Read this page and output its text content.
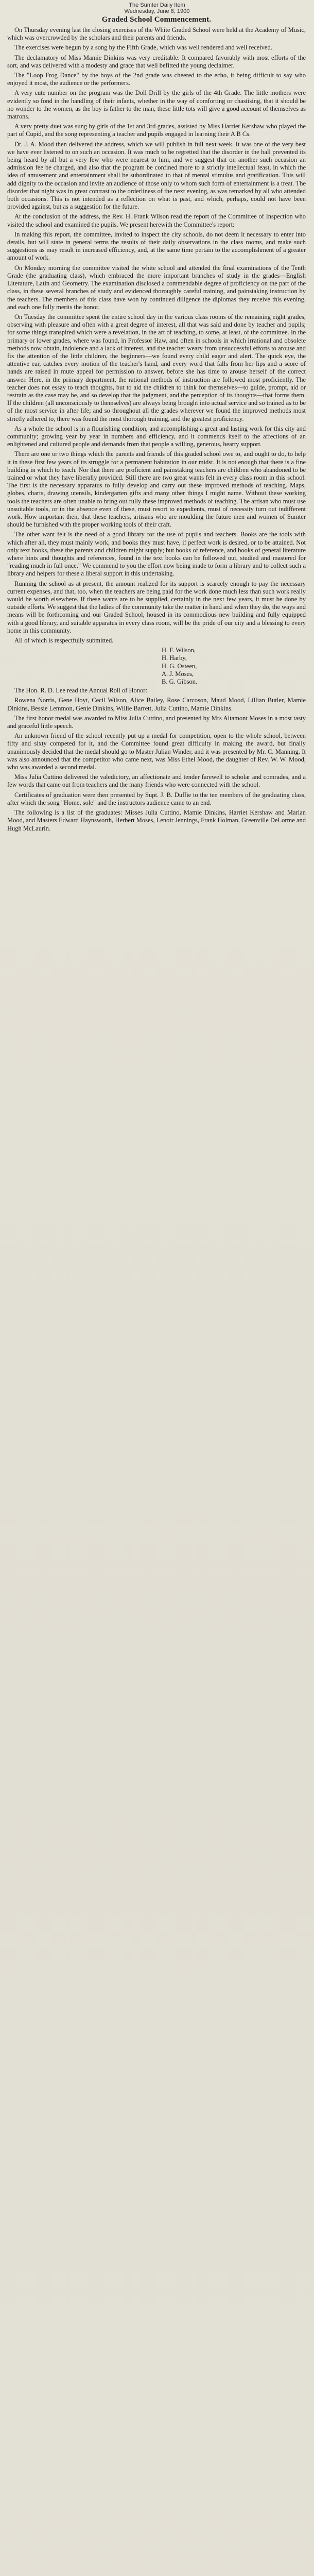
The Sumter Daily Item
Wednesday, June 8, 1900
Graded School Commencement.

On Thursday evening last the closing exercises of the White Graded School were held at the Academy of Music, which was overcrowded by the scholars and their parents and friends.

The exercises were begun by a song by the Fifth Grade, which was well rendered and well received.

The declamatory of Miss Mamie Dinkins was very creditable. It compared favorably with most efforts of the sort, and was delivered with a modesty and grace that well befitted the young declaimer.

The "Loop Frog Dance" by the boys of the 2nd grade was cheered to the echo, it being difficult to say who enjoyed it most, the audience or the performers.

A very cute number on the program was the Doll Drill by the girls of the 4th Grade. The little mothers were evidently so fond in the handling of their infants, whether in the way of comforting or chastising, that it should be no wonder to the women, as the boy is father to the man, these little tots will give a good account of themselves as matrons.

A very pretty duet was sung by girls of the 1st and 3rd grades, assisted by Miss Harriet Kershaw who played the part of Cupid, and the song representing a teacher and pupils engaged in learning their A B Cs.

Dr. J. A. Mood then delivered the address, which we will publish in full next week. It was one of the very best we have ever listened to on such an occasion. It was much to be regretted that the disorder in the hall prevented its being heard by all but a very few who were nearest to him, and we suggest that on another such occasion an admission fee be charged, and also that the program be confined more to a strictly intellectual feast, in which the idea of amusement and entertainment shall be subordinated to that of mental stimulus and gratification. This will add dignity to the occasion and invite an audience of those only to whom such form of entertainment is a treat. The disorder that night was in great contrast to the orderliness of the next evening, as was remarked by all who attended both occasions. This is not intended as a reflection on what is past, and which, perhaps, could not have been provided against, but as a suggestion for the future.

At the conclusion of the address, the Rev. H. Frank Wilson read the report of the Committee of Inspection who visited the school and examined the pupils. We present herewith the Committee's report:

In making this report, the committee, invited to inspect the city schools, do not deem it necessary to enter into details, but will state in general terms the results of their daily observations in the class rooms, and make such suggestions as may result in increased efficiency, and, at the same time pertain to the accomplishment of a greater amount of work.

On Monday morning the committee visited the white school and attended the final examinations of the Tenth Grade (the graduating class), which embraced the more important branches of study in the grades—English Literature, Latin and Geometry. The examination disclosed a commendable degree of proficiency on the part of the class, in these several branches of study and evidenced thoroughly careful training, and painstaking instruction by the teachers. The members of this class have won by continued diligence the diplomas they receive this evening, and each one fully merits the honor.

On Tuesday the committee spent the entire school day in the various class rooms of the remaining eight grades, observing with pleasure and often with a great degree of interest, all that was said and done by teacher and pupils; for some things transpired which were a revelation, in the art of teaching, to some, at least, of the committee. In the primary or lower grades, where was found, in Professor Haw, and often in schools in which irrational and obsolete methods now obtain, indolence and a lack of interest, and the teacher weary from unsuccessful efforts to arouse and fix the attention of the little children, the beginners—we found every child eager and alert. The quick eye, the attentive ear, catches every motion of the teacher's hand, and every word that falls from her lips and a score of hands are raised in mute appeal for permission to answer, before she has time to arouse herself of the correct answer. Here, in the primary department, the rational methods of instruction are followed most proficiently. The teacher does not essay to teach thoughts, but to aid the children to think for themselves—to guide, prompt, aid or restrain as the case may be, and so develop that the judgment, and the perception of its thoughts—that forms them. If the children (all unconsciously to themselves) are always being brought into actual service and so trained as to be of the most service in after life; and so throughout all the grades wherever we found the improved methods most strictly adhered to, there was found the most thorough training, and the greatest proficiency.

As a whole the school is in a flourishing condition, and accomplishing a great and lasting work for this city and community; growing year by year in numbers and efficiency, and it commends itself to the affections of an enlightened and cultured people and demands from that people a willing, generous, hearty support.

There are one or two things which the parents and friends of this graded school owe to, and ought to do, to help it in these first few years of its struggle for a permanent habitation in our midst. It is not enough that there is a fine building in which to teach. Nor that there are proficient and painstaking teachers are children who abandoned to be trained or what they have liberally provided. Still there are two great wants felt in every class room in this school. The first is the necessary apparatus to fully develop and carry out these improved methods of teaching. Maps, globes, charts, drawing utensils, kindergarten gifts and many other things I might name. Without these working tools the teachers are often unable to bring out fully these improved methods of teaching. The artisan who must use unsuitable tools, or in the absence even of these, must resort to expedients, must of necessity turn out indifferent work. How important then, that these teachers, artisans who are moulding the future men and women of Sumter should be furnished with the proper working tools of their craft.

The other want felt is the need of a good library for the use of pupils and teachers. Books are the tools with which after all, they must mainly work, and books they must have, if perfect work is desired, or to be attained. Not only text books, these the parents and children might supply; but books of reference, and books of general literature where hints and thoughts and references, found in the text books can be followed out, studied and mastered for "reading much in full once." We commend to you the effort now being made to form a library and to collect such a library and helpers for these a liberal support in this undertaking.

Running the school as at present, the amount realized for its support is scarcely enough to pay the necessary current expenses, and that, too, when the teachers are being paid for the work done much less than such work really would be worth elsewhere. If these wants are to be supplied, certainly in the next few years, it must be done by outside efforts. We suggest that the ladies of the community take the matter in hand and when they do, the ways and means will be forthcoming and our Graded School, housed in its commodious new building and fully equipped with a good library, and suitable apparatus in every class room, will be the pride of our city and a blessing to every home in this community.

All of which is respectfully submitted.

H. F. Wilson,
H. Harby,
H. G. Osteen,
A. J. Moses,
B. G. Gibson.

The Hon. R. D. Lee read the Annual Roll of Honor:

Rowena Norris, Gene Hoyt, Cecil Wilson, Alice Bailey, Rose Carcoson, Maud Mood, Lillian Butler, Mamie Dinkins, Bessie Lemmon, Genie Dinkins, Willie Barrett, Julia Cuttino, Mamie Dinkins.

The first honor medal was awarded to Miss Julia Cuttino, and presented by Mrs Altamont Moses in a most tasty and graceful little speech.

An unknown friend of the school recently put up a medal for competition, open to the whole school, between fifty and sixty competed for it, and the Committee found great difficulty in making the award, but finally unanimously decided that the medal should go to Master Julian Winder, and it was presented by Mr. C. Manning. It was also announced that the competitor who came next, was Miss Ethel Mood, the daughter of Rev. W. W. Mood, who was awarded a second medal.

Miss Julia Cuttino delivered the valedictory, an affectionate and tender farewell to scholar and comrades, and a few words that came out from teachers and the many friends who were connected with the school.

Certificates of graduation were then presented by Supt. J. B. Duffie to the ten members of the graduating class, after which the song "Home, sole" and the instructors audience came to an end.

The following is a list of the graduates: Misses Julia Cuttino, Mamie Dinkins, Harriet Kershaw and Marian Mood, and Masters Edward Haynsworth, Herbert Moses, Lenoir Jennings, Frank Holman, Greenville DeLorme and Hugh McLaurin.
